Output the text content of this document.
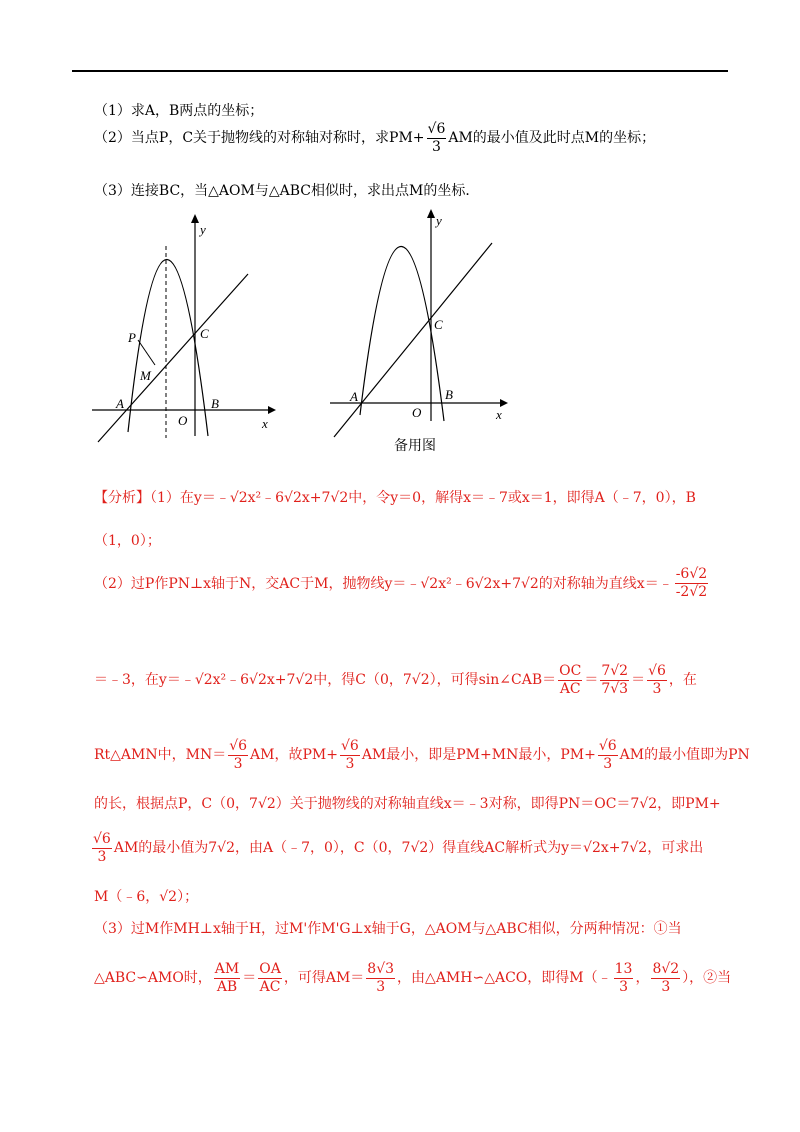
（1）求A，B两点的坐标；
（2）当点P，C关于抛物线的对称轴对称时，求$PM+ \frac{√6}{3}$ AM的最小值及此时点M的坐标；
（3）连接BC，当△AOM与△ABC相似时，求出点M的坐标．
y
P	C
M
A
O
B
x
y
C
A
O
B
x
备用图
【分析】（1）在y＝﹣√2x²﹣6√2x+7√2中，令y＝0，解得x＝﹣7或x＝1，即得A（﹣7，0），B
（1，0）；
（2）过P作PN⊥x轴于N，交AC于M，抛物线y＝﹣√2x²﹣6√2x+7√2的对称轴为直线x＝﹣ $\frac{-6√2}{-2√2}$
＝﹣3，在y＝﹣√2x²﹣6√2x+7√2中，得C（0，7√2），可得sin∠CAB＝ $\frac{OC}{AC} = \frac{7√2}{7√3} = \frac{√6}{3}$ ，在
Rt△AMN中，$MN= \frac{√6}{3}$ AM，故$PM+ \frac{√6}{3}$ AM最小，即是PM+MN最小，$PM+ \frac{√6}{3}$ AM的最小值即为PN
的长，根据点P，C（0，7√2）关于抛物线的对称轴直线x＝﹣3对称，即得PN＝OC＝7√2，即PM+
$\frac{√6}{3}$ AM的最小值为7√2，由A（﹣7，0），C（0，7√2）得直线AC解析式为y＝√2x+7√2，可求出
M（﹣6，√2）；
（3）过M作MH⊥x轴于H，过M'作M'G⊥x轴于G，△AOM与△ABC相似，分两种情况：①当
△ABC∽AMO时， $\frac{AM}{AB} = \frac{OA}{AC}$ ，可得$AM= \frac{8√3}{3}$ ，由△AMH∽△ACO，即得M（﹣ $\frac{13}{3}$ ， $\frac{8√2}{3}$ ），②当
